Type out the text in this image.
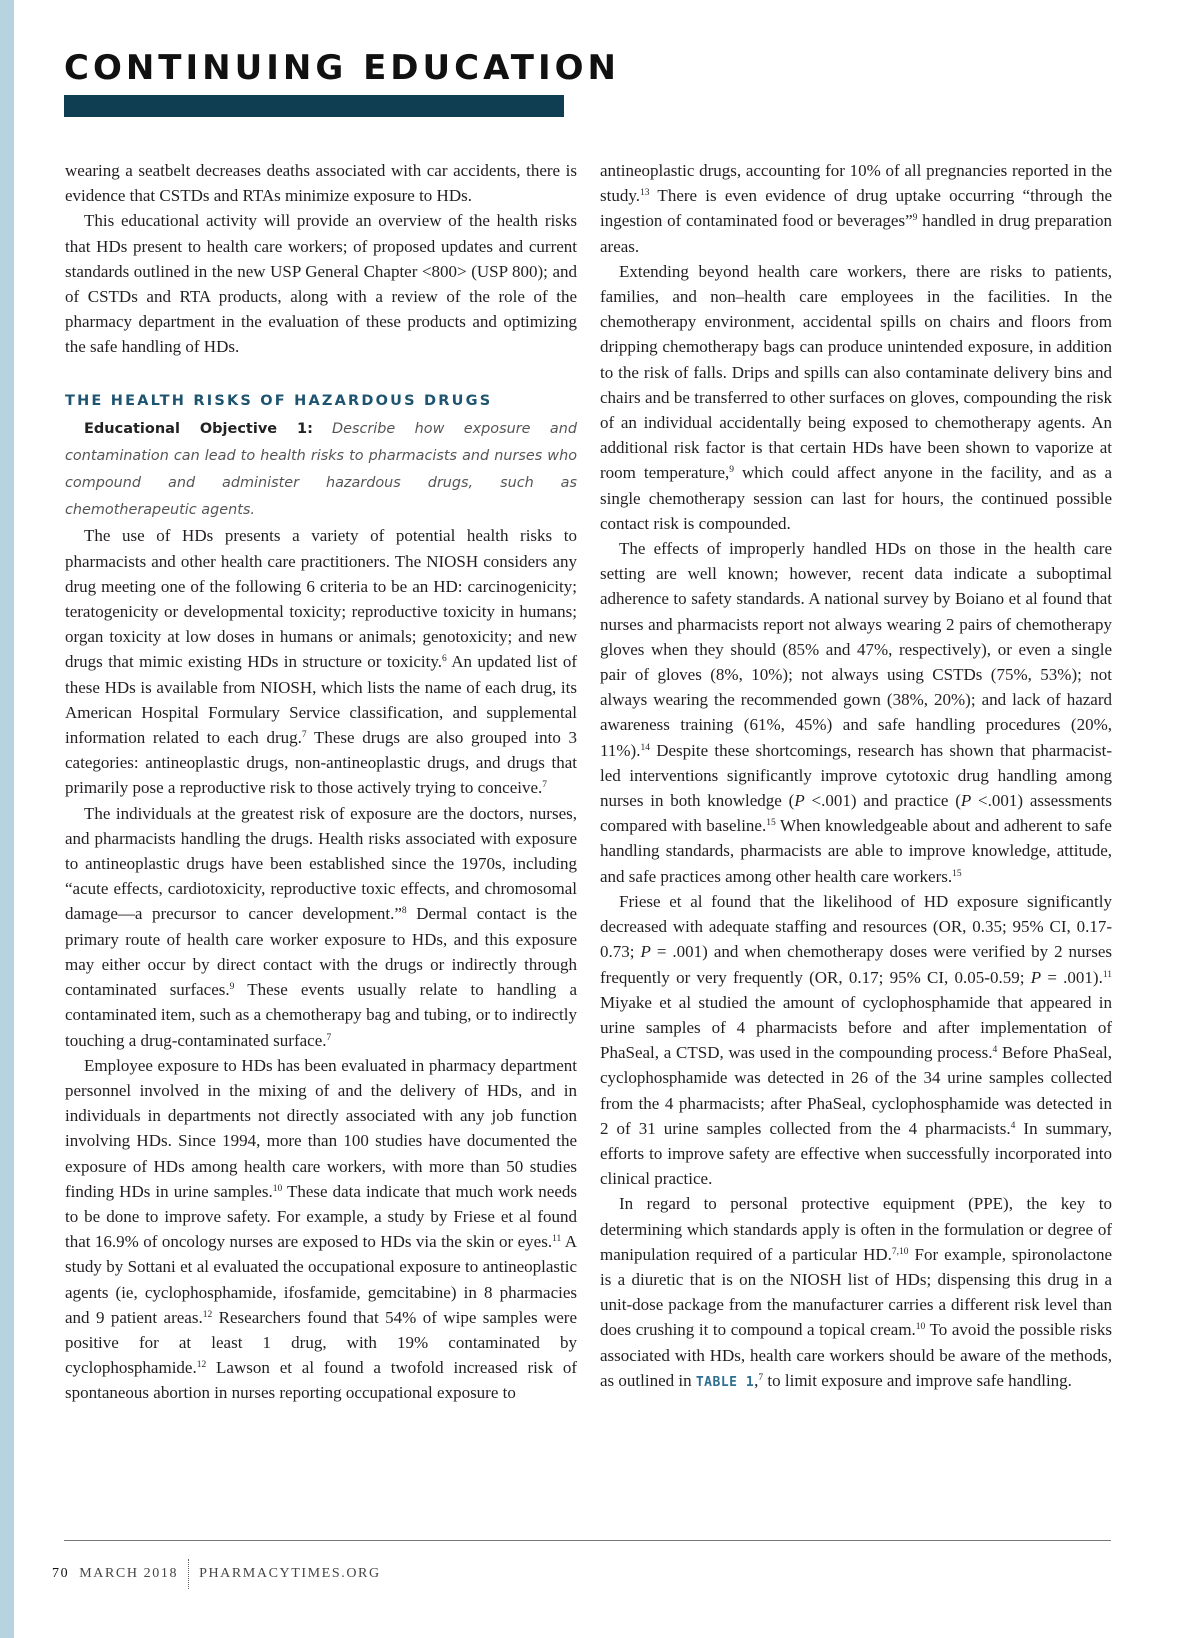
CONTINUING EDUCATION

wearing a seatbelt decreases deaths associated with car accidents, there is evidence that CSTDs and RTAs minimize exposure to HDs.

This educational activity will provide an overview of the health risks that HDs present to health care workers; of proposed updates and current standards outlined in the new USP General Chapter <800> (USP 800); and of CSTDs and RTA products, along with a review of the role of the pharmacy department in the evaluation of these products and optimizing the safe handling of HDs.

THE HEALTH RISKS OF HAZARDOUS DRUGS

Educational Objective 1: Describe how exposure and contamination can lead to health risks to pharmacists and nurses who compound and administer hazardous drugs, such as chemotherapeutic agents.

The use of HDs presents a variety of potential health risks to pharmacists and other health care practitioners. The NIOSH considers any drug meeting one of the following 6 criteria to be an HD: carcinogenicity; teratogenicity or developmental toxicity; reproductive toxicity in humans; organ toxicity at low doses in humans or animals; genotoxicity; and new drugs that mimic existing HDs in structure or toxicity.$^6$ An updated list of these HDs is available from NIOSH, which lists the name of each drug, its American Hospital Formulary Service classification, and supplemental information related to each drug.$^7$ These drugs are also grouped into 3 categories: antineoplastic drugs, non-antineoplastic drugs, and drugs that primarily pose a reproductive risk to those actively trying to conceive.$^7$

The individuals at the greatest risk of exposure are the doctors, nurses, and pharmacists handling the drugs. Health risks associated with exposure to antineoplastic drugs have been established since the 1970s, including “acute effects, cardiotoxicity, reproductive toxic effects, and chromosomal damage—a precursor to cancer development.”$^8$ Dermal contact is the primary route of health care worker exposure to HDs, and this exposure may either occur by direct contact with the drugs or indirectly through contaminated surfaces.$^9$ These events usually relate to handling a contaminated item, such as a chemotherapy bag and tubing, or to indirectly touching a drug-contaminated surface.$^7$

Employee exposure to HDs has been evaluated in pharmacy department personnel involved in the mixing of and the delivery of HDs, and in individuals in departments not directly associated with any job function involving HDs. Since 1994, more than 100 studies have documented the exposure of HDs among health care workers, with more than 50 studies finding HDs in urine samples.$^{10}$ These data indicate that much work needs to be done to improve safety. For example, a study by Friese et al found that 16.9% of oncology nurses are exposed to HDs via the skin or eyes.$^{11}$ A study by Sottani et al evaluated the occupational exposure to antineoplastic agents (ie, cyclophosphamide, ifosfamide, gemcitabine) in 8 pharmacies and 9 patient areas.$^{12}$ Researchers found that 54% of wipe samples were positive for at least 1 drug, with 19% contaminated by cyclophosphamide.$^{12}$ Lawson et al found a twofold increased risk of spontaneous abortion in nurses reporting occupational exposure to

antineoplastic drugs, accounting for 10% of all pregnancies reported in the study.$^{13}$ There is even evidence of drug uptake occurring “through the ingestion of contaminated food or beverages”$^9$ handled in drug preparation areas.

Extending beyond health care workers, there are risks to patients, families, and non–health care employees in the facilities. In the chemotherapy environment, accidental spills on chairs and floors from dripping chemotherapy bags can produce unintended exposure, in addition to the risk of falls. Drips and spills can also contaminate delivery bins and chairs and be transferred to other surfaces on gloves, compounding the risk of an individual accidentally being exposed to chemotherapy agents. An additional risk factor is that certain HDs have been shown to vaporize at room temperature,$^9$ which could affect anyone in the facility, and as a single chemotherapy session can last for hours, the continued possible contact risk is compounded.

The effects of improperly handled HDs on those in the health care setting are well known; however, recent data indicate a suboptimal adherence to safety standards. A national survey by Boiano et al found that nurses and pharmacists report not always wearing 2 pairs of chemotherapy gloves when they should (85% and 47%, respectively), or even a single pair of gloves (8%, 10%); not always using CSTDs (75%, 53%); not always wearing the recommended gown (38%, 20%); and lack of hazard awareness training (61%, 45%) and safe handling procedures (20%, 11%).$^{14}$ Despite these shortcomings, research has shown that pharmacist-led interventions significantly improve cytotoxic drug handling among nurses in both knowledge (P <.001) and practice (P <.001) assessments compared with baseline.$^{15}$ When knowledgeable about and adherent to safe handling standards, pharmacists are able to improve knowledge, attitude, and safe practices among other health care workers.$^{15}$

Friese et al found that the likelihood of HD exposure significantly decreased with adequate staffing and resources (OR, 0.35; 95% CI, 0.17-0.73; P = .001) and when chemotherapy doses were verified by 2 nurses frequently or very frequently (OR, 0.17; 95% CI, 0.05-0.59; P = .001).$^{11}$ Miyake et al studied the amount of cyclophosphamide that appeared in urine samples of 4 pharmacists before and after implementation of PhaSeal, a CTSD, was used in the compounding process.$^4$ Before PhaSeal, cyclophosphamide was detected in 26 of the 34 urine samples collected from the 4 pharmacists; after PhaSeal, cyclophosphamide was detected in 2 of 31 urine samples collected from the 4 pharmacists.$^4$ In summary, efforts to improve safety are effective when successfully incorporated into clinical practice.

In regard to personal protective equipment (PPE), the key to determining which standards apply is often in the formulation or degree of manipulation required of a particular HD.$^{7,10}$ For example, spironolactone is a diuretic that is on the NIOSH list of HDs; dispensing this drug in a unit-dose package from the manufacturer carries a different risk level than does crushing it to compound a topical cream.$^{10}$ To avoid the possible risks associated with HDs, health care workers should be aware of the methods, as outlined in TABLE 1,$^7$ to limit exposure and improve safe handling.

70 MARCH 2018 PHARMACYTIMES.ORG
